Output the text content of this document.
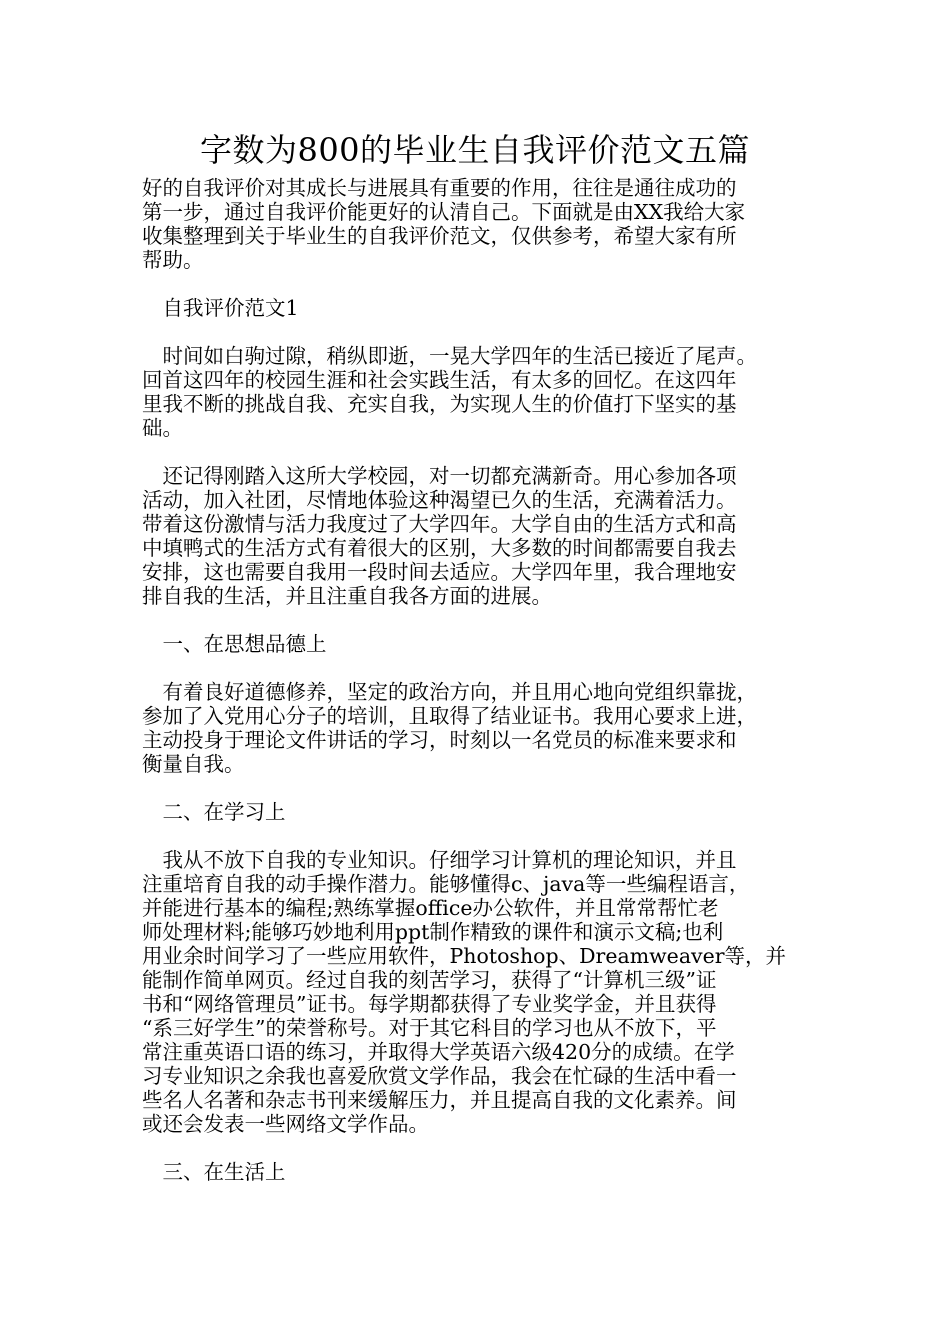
字数为800的毕业生自我评价范文五篇
好的自我评价对其成长与进展具有重要的作用，往往是通往成功的
第一步，通过自我评价能更好的认清自己。下面就是由XX我给大家
收集整理到关于毕业生的自我评价范文，仅供参考，希望大家有所
帮助。
　自我评价范文1
　时间如白驹过隙，稍纵即逝，一晃大学四年的生活已接近了尾声。
回首这四年的校园生涯和社会实践生活，有太多的回忆。在这四年
里我不断的挑战自我、充实自我，为实现人生的价值打下坚实的基
础。
　还记得刚踏入这所大学校园，对一切都充满新奇。用心参加各项
活动，加入社团，尽情地体验这种渴望已久的生活，充满着活力。
带着这份激情与活力我度过了大学四年。大学自由的生活方式和高
中填鸭式的生活方式有着很大的区别，大多数的时间都需要自我去
安排，这也需要自我用一段时间去适应。大学四年里，我合理地安
排自我的生活，并且注重自我各方面的进展。
　一、在思想品德上
　有着良好道德修养，坚定的政治方向，并且用心地向党组织靠拢，
参加了入党用心分子的培训，且取得了结业证书。我用心要求上进，
主动投身于理论文件讲话的学习，时刻以一名党员的标准来要求和
衡量自我。
　二、在学习上
　我从不放下自我的专业知识。仔细学习计算机的理论知识，并且
注重培育自我的动手操作潜力。能够懂得c、java等一些编程语言，
并能进行基本的编程;熟练掌握office办公软件，并且常常帮忙老
师处理材料;能够巧妙地利用ppt制作精致的课件和演示文稿;也利
用业余时间学习了一些应用软件，Photoshop、Dreamweaver等，并
能制作简单网页。经过自我的刻苦学习，获得了“计算机三级”证
书和“网络管理员”证书。每学期都获得了专业奖学金，并且获得
“系三好学生”的荣誉称号。对于其它科目的学习也从不放下，平
常注重英语口语的练习，并取得大学英语六级420分的成绩。在学
习专业知识之余我也喜爱欣赏文学作品，我会在忙碌的生活中看一
些名人名著和杂志书刊来缓解压力，并且提高自我的文化素养。间
或还会发表一些网络文学作品。
　三、在生活上
